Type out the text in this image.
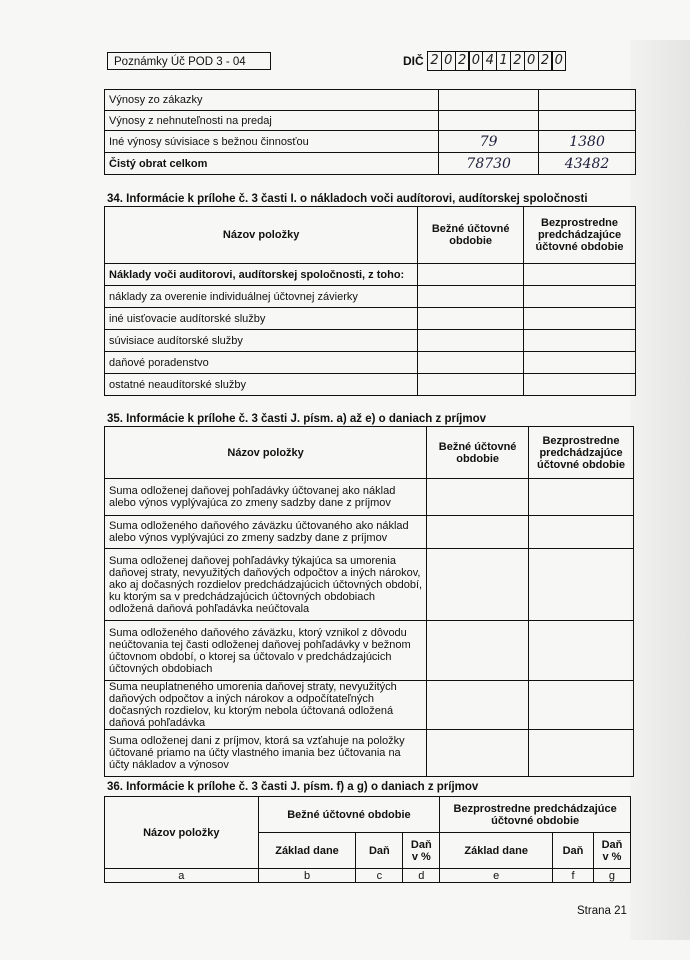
Poznámky Úč POD 3 - 04	DIČ 2 0 2 0 4 1 2 0 2 0
Výnosy zo zákazky		
Výnosy z nehnuteľnosti na predaj		
Iné výnosy súvisiace s bežnou činnosťou	79	1380
Čistý obrat celkom	78730	43482
34. Informácie k prílohe č. 3 časti I. o nákladoch voči audítorovi, audítorskej spoločnosti
Názov položky	Bežné účtovné obdobie	Bezprostredne predchádzajúce účtovné obdobie
Náklady voči auditorovi, audítorskej spoločnosti, z toho:		
náklady za overenie individuálnej účtovnej závierky		
iné uisťovacie audítorské služby		
súvisiace audítorské služby		
daňové poradenstvo		
ostatné neaudítorské služby		
35. Informácie k prílohe č. 3 časti J. písm. a) až e) o daniach z príjmov
Názov položky	Bežné účtovné obdobie	Bezprostredne predchádzajúce účtovné obdobie
Suma odloženej daňovej pohľadávky účtovanej ako náklad alebo výnos vyplývajúca zo zmeny sadzby dane z príjmov		
Suma odloženého daňového záväzku účtovaného ako náklad alebo výnos vyplývajúci zo zmeny sadzby dane z príjmov		
Suma odloženej daňovej pohľadávky týkajúca sa umorenia daňovej straty, nevyužitých daňových odpočtov a iných nárokov, ako aj dočasných rozdielov predchádzajúcich účtovných období, ku ktorým sa v predchádzajúcich účtovných obdobiach odložená daňová pohľadávka neúčtovala		
Suma odloženého daňového záväzku, ktorý vznikol z dôvodu neúčtovania tej časti odloženej daňovej pohľadávky v bežnom účtovnom období, o ktorej sa účtovalo v predchádzajúcich účtovných obdobiach		
Suma neuplatneného umorenia daňovej straty, nevyužitých daňových odpočtov a iných nárokov a odpočítateľných dočasných rozdielov, ku ktorým nebola účtovaná odložená daňová pohľadávka		
Suma odloženej dani z príjmov, ktorá sa vzťahuje na položky účtované priamo na účty vlastného imania bez účtovania na účty nákladov a výnosov		
36. Informácie k prílohe č. 3 časti J. písm. f) a g) o daniach z príjmov
Názov položky	Bežné účtovné obdobie			Bezprostredne predchádzajúce účtovné obdobie		
	Základ dane	Daň	Daň v %	Základ dane	Daň	Daň v %
a	b	c	d	e	f	g
Strana 21
